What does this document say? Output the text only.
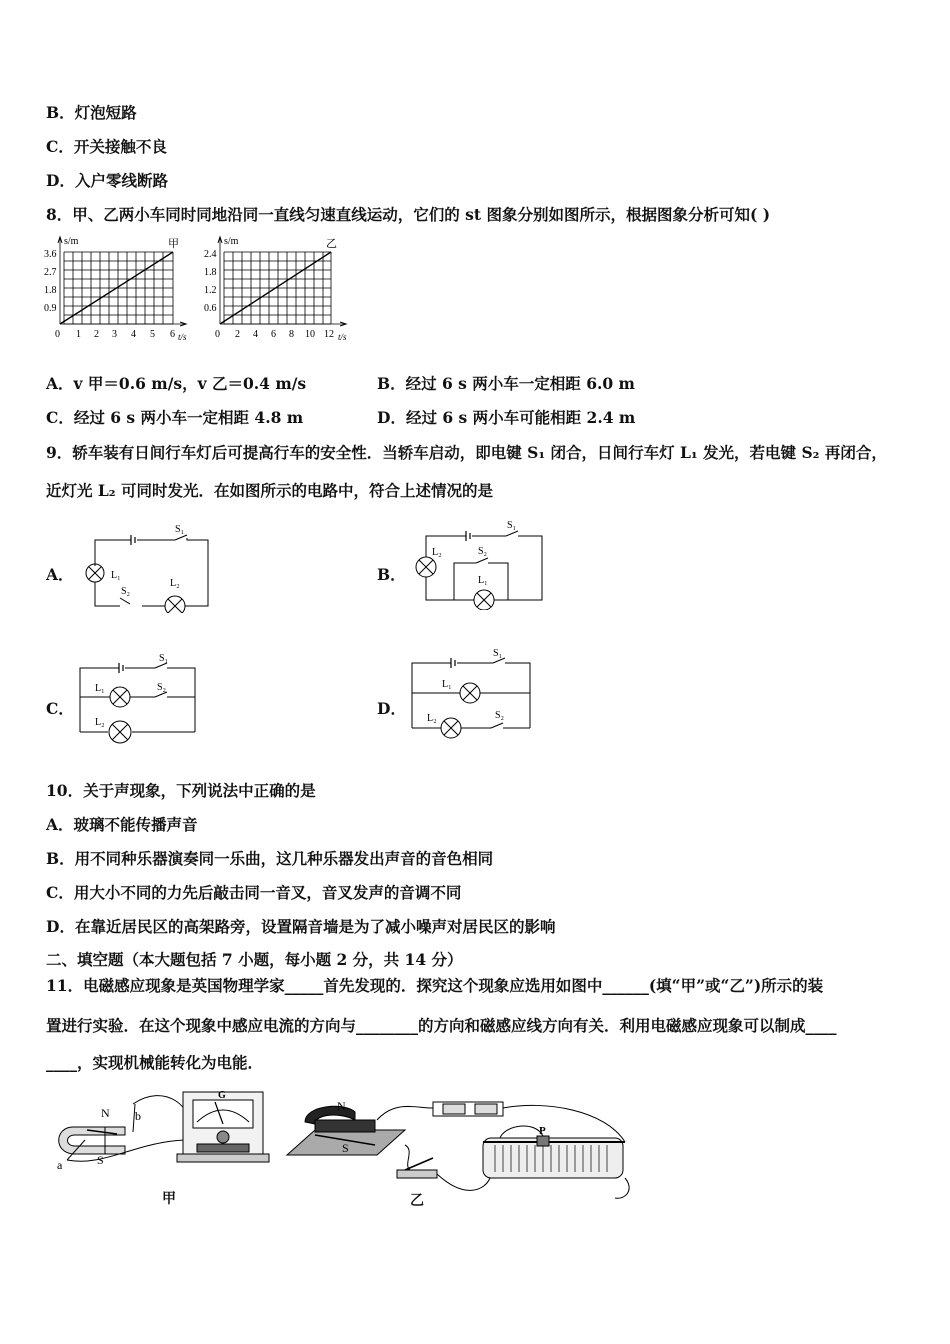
B．灯泡短路
C．开关接触不良
D．入户零线断路
8．甲、乙两小车同时同地沿同一直线匀速直线运动，它们的 st 图象分别如图所示，根据图象分析可知( )
s/m	甲
3.6
2.7
1.8
0.9
0 1 2 3 4 5 6 t/s
s/m	乙
2.4
1.8
1.2
0.6
0 2 4 6 8 10 12 t/s
A．v 甲＝0.6 m/s，v 乙＝0.4 m/s	B．经过 6 s 两小车一定相距 6.0 m
C．经过 6 s 两小车一定相距 4.8 m	D．经过 6 s 两小车可能相距 2.4 m
9．轿车装有日间行车灯后可提高行车的安全性．当轿车启动，即电键 S₁ 闭合，日间行车灯 L₁ 发光，若电键 S₂ 再闭合，
近灯光 L₂ 可同时发光．在如图所示的电路中，符合上述情况的是
A．	B．
C．	D．
S₁
L₁
L₂
S₂
S₁
L₂	S₂
L₁
S₁
L₁	S₂
L₂
S₁
L₁
L₂	S₂
10．关于声现象，下列说法中正确的是
A．玻璃不能传播声音
B．用不同种乐器演奏同一乐曲，这几种乐器发出声音的音色相同
C．用大小不同的力先后敲击同一音叉，音叉发声的音调不同
D．在靠近居民区的高架路旁，设置隔音墙是为了减小噪声对居民区的影响
二、填空题（本大题包括 7 小题，每小题 2 分，共 14 分）
11．电磁感应现象是英国物理学家_____首先发现的．探究这个现象应选用如图中______(填“甲”或“乙”)所示的装
置进行实验．在这个现象中感应电流的方向与________的方向和磁感应线方向有关．利用电磁感应现象可以制成____
____，实现机械能转化为电能．
N
S
a
b
G
甲
N
S
P
乙
